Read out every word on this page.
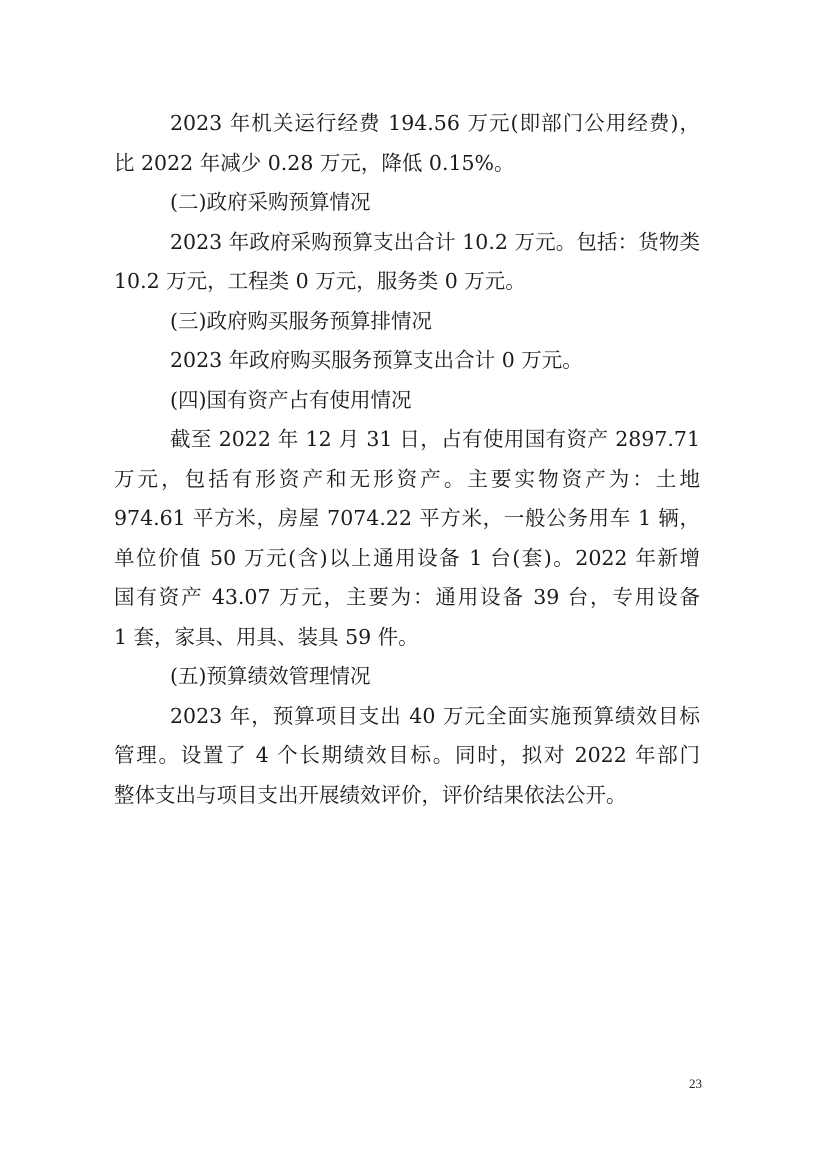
2023 年机关运行经费 194.56 万元(即部门公用经费)，

比 2022 年减少 0.28 万元，降低 0.15%。

(二)政府采购预算情况

2023 年政府采购预算支出合计 10.2 万元。包括：货物类

10.2 万元，工程类 0 万元，服务类 0 万元。

(三)政府购买服务预算排情况

2023 年政府购买服务预算支出合计 0 万元。

(四)国有资产占有使用情况

截至 2022 年 12 月 31 日，占有使用国有资产 2897.71

万元，包括有形资产和无形资产。主要实物资产为：土地

974.61 平方米，房屋 7074.22 平方米，一般公务用车 1 辆，

单位价值 50 万元(含)以上通用设备 1 台(套)。2022 年新增

国有资产 43.07 万元，主要为：通用设备 39 台，专用设备

1 套，家具、用具、装具 59 件。

(五)预算绩效管理情况

2023 年，预算项目支出 40 万元全面实施预算绩效目标

管理。设置了 4 个长期绩效目标。同时，拟对 2022 年部门

整体支出与项目支出开展绩效评价，评价结果依法公开。

23
